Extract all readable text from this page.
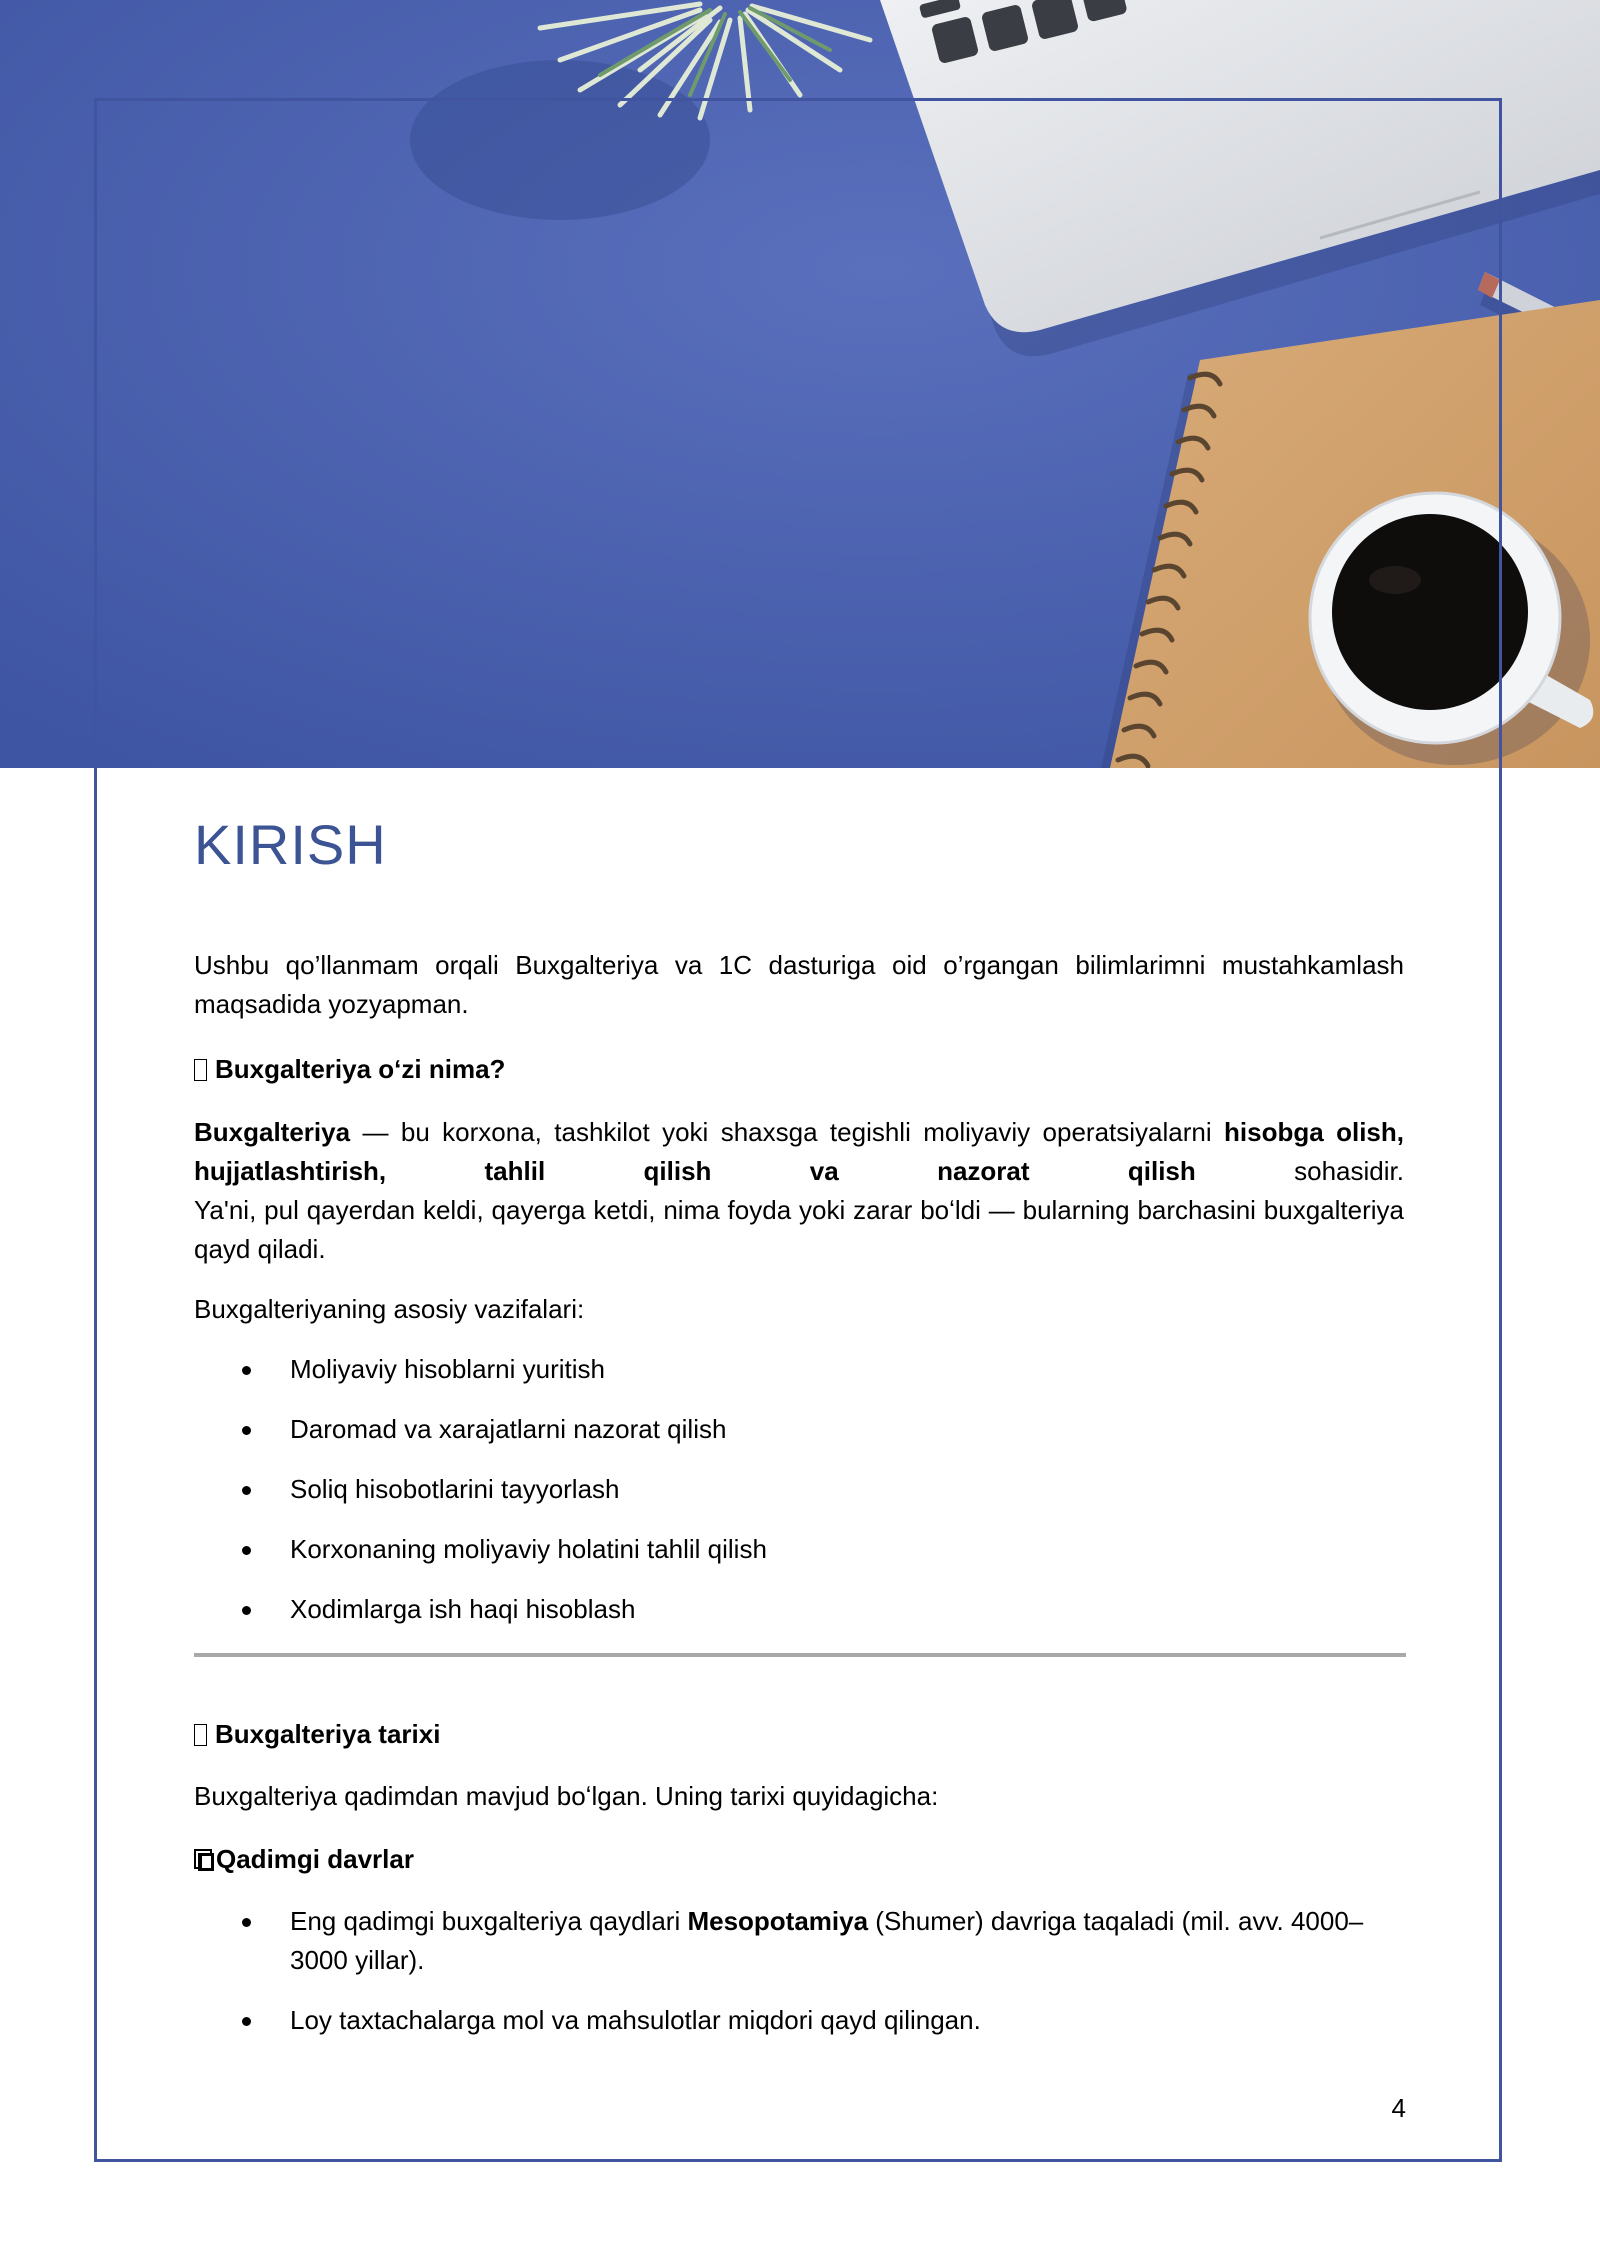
KIRISH

Ushbu qo’llanmam orqali Buxgalteriya va 1C dasturiga oid o’rgangan bilimlarimni mustahkamlash maqsadida yozyapman.

Buxgalteriya oʻzi nima?
Buxgalteriya — bu korxona, tashkilot yoki shaxsga tegishli moliyaviy operatsiyalarni hisobga olish, hujjatlashtirish, tahlil qilish va nazorat qilish sohasidir.
Ya'ni, pul qayerdan keldi, qayerga ketdi, nima foyda yoki zarar boʻldi — bularning barchasini buxgalteriya qayd qiladi.

Buxgalteriyaning asosiy vazifalari:

Moliyaviy hisoblarni yuritish
Daromad va xarajatlarni nazorat qilish
Soliq hisobotlarini tayyorlash
Korxonaning moliyaviy holatini tahlil qilish
Xodimlarga ish haqi hisoblash
Buxgalteriya tarixi

Buxgalteriya qadimdan mavjud boʻlgan. Uning tarixi quyidagicha:

Qadimgi davrlar
Eng qadimgi buxgalteriya qaydlari Mesopotamiya (Shumer) davriga taqaladi (mil. avv. 4000–3000 yillar).
Loy taxtachalarga mol va mahsulotlar miqdori qayd qilingan.
4
